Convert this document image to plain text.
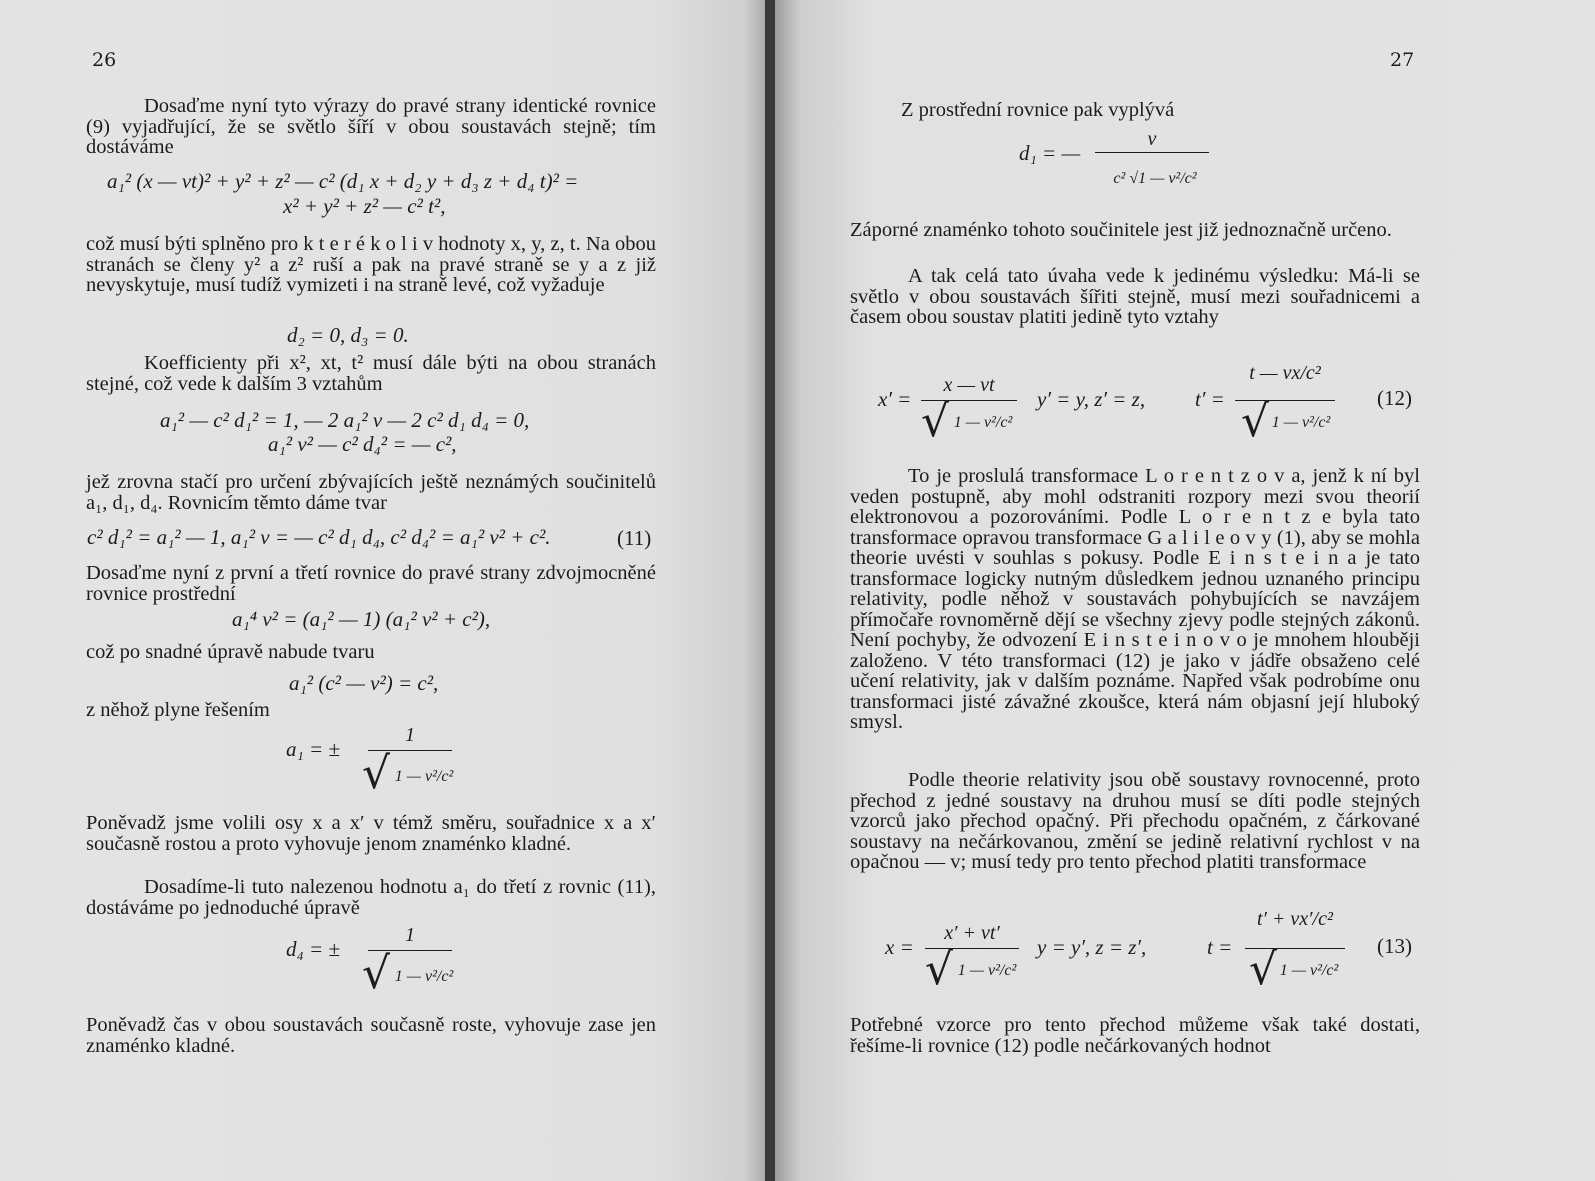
26

Dosaďme nyní tyto výrazy do pravé strany identické rovnice (9) vyjadřující, že se světlo šíří v obou soustavách stejně; tím dostáváme

a₁² (x — vt)² + y² + z² — c² (d₁ x + d₂ y + d₃ z + d₄ t)² =
x² + y² + z² — c² t²,

což musí býti splněno pro k t e r é k o l i v hodnoty x, y, z, t. Na obou stranách se členy y² a z² ruší a pak na pravé straně se y a z již nevyskytuje, musí tudíž vymizeti i na straně levé, což vyžaduje

d₂ = 0, d₃ = 0.

Koefficienty při x², xt, t² musí dále býti na obou stranách stejné, což vede k dalším 3 vztahům

a₁² — c² d₁² = 1, — 2 a₁² v — 2 c² d₁ d₄ = 0,
a₁² v² — c² d₄² = — c²,

jež zrovna stačí pro určení zbývajících ještě neznámých součinitelů a₁, d₁, d₄. Rovnicím těmto dáme tvar

c² d₁² = a₁² — 1, a₁² v = — c² d₁ d₄, c² d₄² = a₁² v² + c².	(11)

Dosaďme nyní z první a třetí rovnice do pravé strany zdvojmocněné rovnice prostřední

a₁⁴ v² = (a₁² — 1) (a₁² v² + c²),

což po snadné úpravě nabude tvaru

a₁² (c² — v²) = c²,

z něhož plyne řešením

a₁ = ±
1
√ 1 — v²/c²

Poněvadž jsme volili osy x a x′ v témž směru, souřadnice x a x′ současně rostou a proto vyhovuje jenom znaménko kladné.

Dosadíme-li tuto nalezenou hodnotu a₁ do třetí z rovnic (11), dostáváme po jednoduché úpravě

d₄ = ±
1
√ 1 — v²/c²

Poněvadž čas v obou soustavách současně roste, vyhovuje zase jen znaménko kladné.

27

Z prostřední rovnice pak vyplývá

d₁ = —
v
c² √1 — v²/c²

Záporné znaménko tohoto součinitele jest již jednoznačně určeno.

A tak celá tato úvaha vede k jedinému výsledku: Má-li se světlo v obou soustavách šířiti stejně, musí mezi souřadnicemi a časem obou soustav platiti jedině tyto vztahy

x′ =
x — vt
√ 1 — v²/c²
y′ = y, z′ = z, t′ =
t — vx/c²
√ 1 — v²/c²
(12)

To je proslulá transformace L o r e n t z o v a, jenž k ní byl veden postupně, aby mohl odstraniti rozpory mezi svou theorií elektronovou a pozorováními. Podle L o r e n t z e byla tato transformace opravou transformace G a l i l e o v y (1), aby se mohla theorie uvésti v souhlas s pokusy. Podle E i n s t e i n a je tato transformace logicky nutným důsledkem jednou uznaného principu relativity, podle něhož v soustavách pohybujících se navzájem přímočaře rovnoměrně dějí se všechny zjevy podle stejných zákonů. Není pochyby, že odvození E i n s t e i n o v o je mnohem hlouběji založeno. V této transformaci (12) je jako v jádře obsaženo celé učení relativity, jak v dalším poznáme. Napřed však podrobíme onu transformaci jisté závažné zkoušce, která nám objasní její hluboký smysl.

Podle theorie relativity jsou obě soustavy rovnocenné, proto přechod z jedné soustavy na druhou musí se díti podle stejných vzorců jako přechod opačný. Při přechodu opačném, z čárkované soustavy na nečárkovanou, změní se jedině relativní rychlost v na opačnou — v; musí tedy pro tento přechod platiti transformace

x =
x′ + vt′
√ 1 — v²/c²
y = y′, z = z′,	t =
t′ + vx′/c²
√ 1 — v²/c²
(13)

Potřebné vzorce pro tento přechod můžeme však také dostati, řešíme-li rovnice (12) podle nečárkovaných hodnot
